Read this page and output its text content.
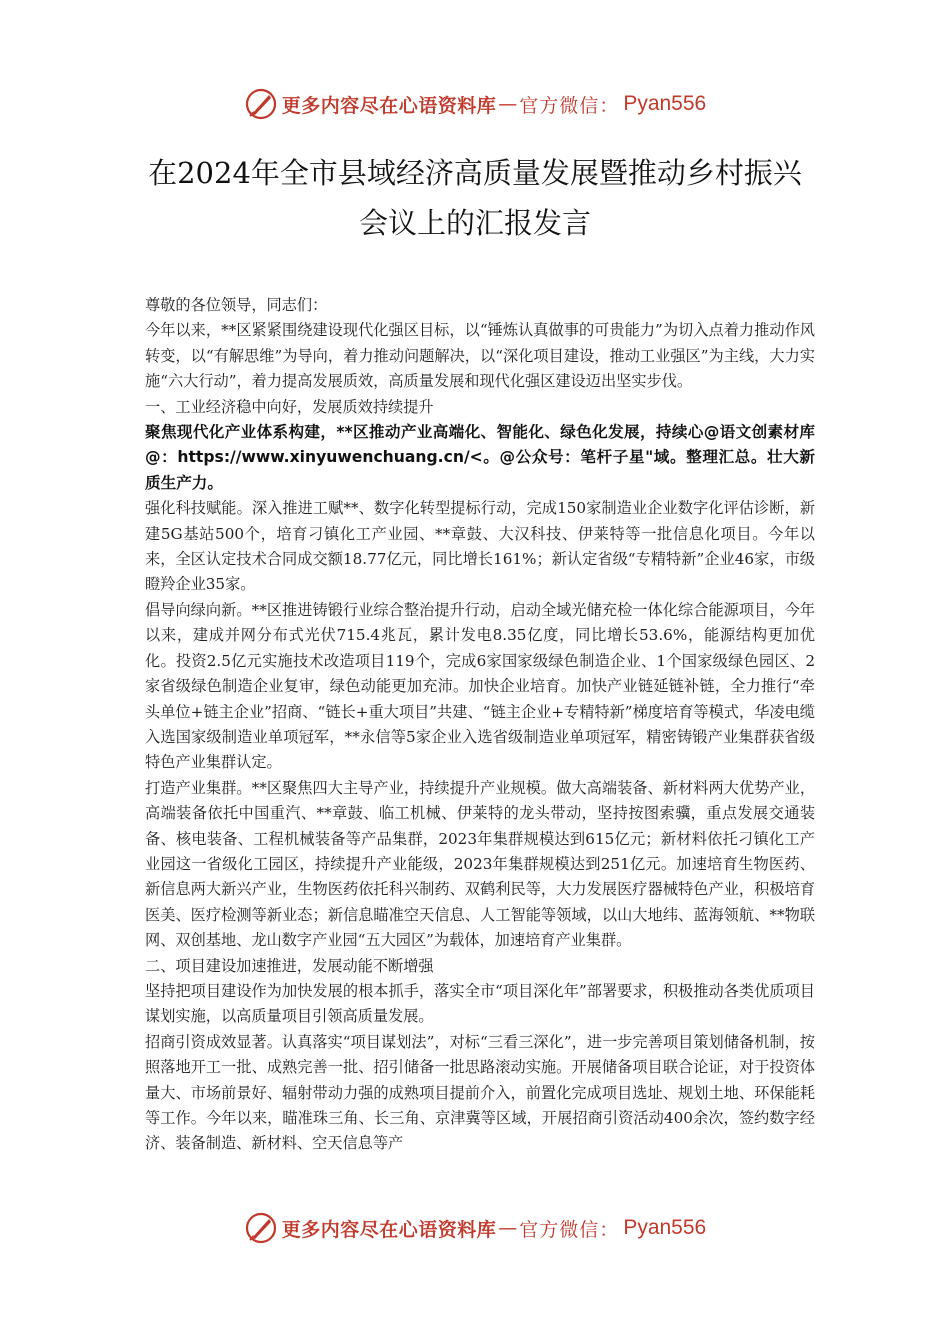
更多内容尽在心语资料库 — 官方微信： Pyan556
在2024年全市县域经济高质量发展暨推动乡村振兴
会议上的汇报发言

尊敬的各位领导，同志们：

今年以来，**区紧紧围绕建设现代化强区目标，以“锤炼认真做事的可贵能力”为切入点着力推动作风转变，以“有解思维”为导向，着力推动问题解决，以“深化项目建设，推动工业强区”为主线，大力实施“六大行动”，着力提高发展质效，高质量发展和现代化强区建设迈出坚实步伐。

一、工业经济稳中向好，发展质效持续提升

聚焦现代化产业体系构建，**区推动产业高端化、智能化、绿色化发展，持续心@语文创素材库@：https://www.xinyuwenchuang.cn/<。@公众号：笔杆子星"域。整理汇总。壮大新质生产力。

强化科技赋能。深入推进工赋**、数字化转型提标行动，完成150家制造业企业数字化评估诊断，新建5G基站500个，培育刁镇化工产业园、**章鼓、大汉科技、伊莱特等一批信息化项目。今年以来，全区认定技术合同成交额18.77亿元，同比增长161%；新认定省级“专精特新”企业46家，市级瞪羚企业35家。

倡导向绿向新。**区推进铸锻行业综合整治提升行动，启动全域光储充检一体化综合能源项目，今年以来，建成并网分布式光伏715.4兆瓦，累计发电8.35亿度，同比增长53.6%，能源结构更加优化。投资2.5亿元实施技术改造项目119个，完成6家国家级绿色制造企业、1个国家级绿色园区、2家省级绿色制造企业复审，绿色动能更加充沛。加快企业培育。加快产业链延链补链，全力推行“牵头单位+链主企业”招商、“链长+重大项目”共建、“链主企业+专精特新”梯度培育等模式，华凌电缆入选国家级制造业单项冠军，**永信等5家企业入选省级制造业单项冠军，精密铸锻产业集群获省级特色产业集群认定。

打造产业集群。**区聚焦四大主导产业，持续提升产业规模。做大高端装备、新材料两大优势产业，高端装备依托中国重汽、**章鼓、临工机械、伊莱特的龙头带动，坚持按图索骥，重点发展交通装备、核电装备、工程机械装备等产品集群，2023年集群规模达到615亿元；新材料依托刁镇化工产业园这一省级化工园区，持续提升产业能级，2023年集群规模达到251亿元。加速培育生物医药、新信息两大新兴产业，生物医药依托科兴制药、双鹤利民等，大力发展医疗器械特色产业，积极培育医美、医疗检测等新业态；新信息瞄准空天信息、人工智能等领域，以山大地纬、蓝海领航、**物联网、双创基地、龙山数字产业园“五大园区”为载体，加速培育产业集群。

二、项目建设加速推进，发展动能不断增强

坚持把项目建设作为加快发展的根本抓手，落实全市“项目深化年”部署要求，积极推动各类优质项目谋划实施，以高质量项目引领高质量发展。

招商引资成效显著。认真落实“项目谋划法”，对标“三看三深化”，进一步完善项目策划储备机制，按照落地开工一批、成熟完善一批、招引储备一批思路滚动实施。开展储备项目联合论证，对于投资体量大、市场前景好、辐射带动力强的成熟项目提前介入，前置化完成项目选址、规划土地、环保能耗等工作。今年以来，瞄准珠三角、长三角、京津冀等区域，开展招商引资活动400余次，签约数字经济、装备制造、新材料、空天信息等产

更多内容尽在心语资料库 — 官方微信： Pyan556
